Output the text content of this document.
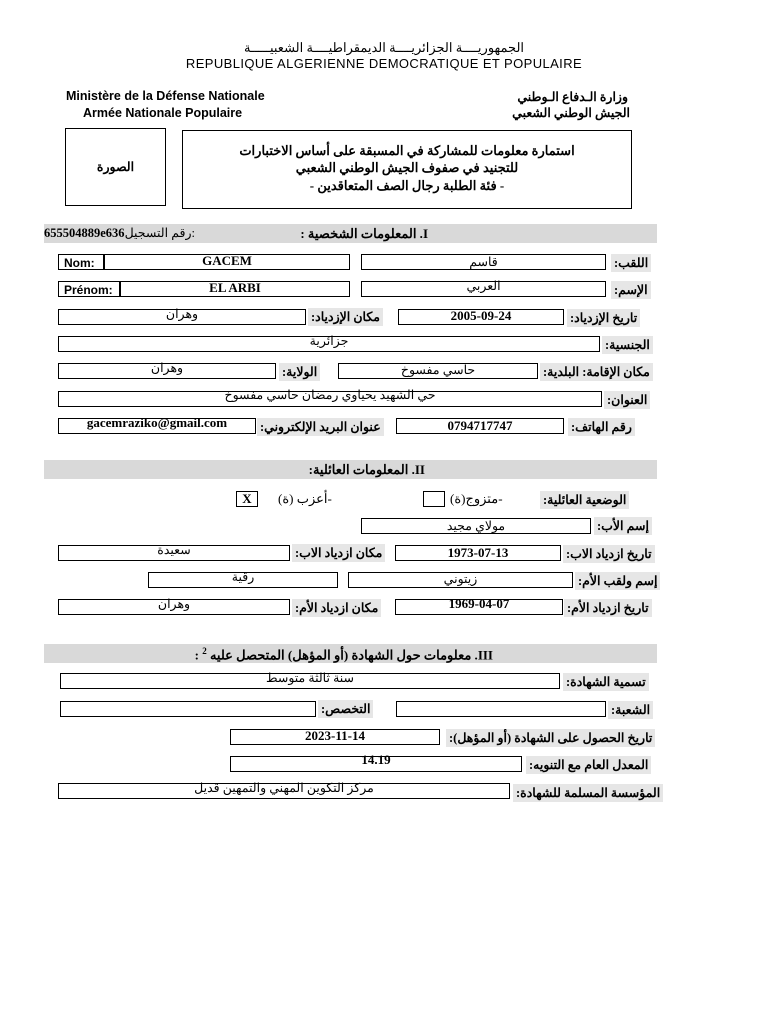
الجمهوريــــة الجزائريــــة الديمقراطيــــة الشعبيـــــة
REPUBLIQUE ALGERIENNE DEMOCRATIQUE ET POPULAIRE
Ministère de la Défense Nationale
Armée Nationale Populaire
وزارة الـدفاع الـوطني
الجيش الوطني الشعبي
الصورة
استمارة معلومات للمشاركة في المسبقة على أساس الاختبارات
للتجنيد في صفوف الجيش الوطني الشعبي
- فئة الطلبة رجال الصف المتعاقدين -
655504889e636رقم التسجيل:	I. المعلومات الشخصية :
Nom:	GACEM	قاسم	اللقب:
Prénom:	EL ARBI	العربي	الإسم:
وهران	مكان الإزدياد:	2005-09-24	تاريخ الإزدياد:
جزائرية	الجنسية:
وهران	الولاية:	حاسي مفسوخ	مكان الإقامة: البلدية:
حي الشهيد يحياوي رمضان حاسي مفسوخ	العنوان:
gacemraziko@gmail.com	عنوان البريد الإلكتروني:	0794717747	رقم الهاتف:
II. المعلومات العائلية:
X	-أعزب (ة)	-متزوج(ة)	الوضعية العائلية:
مولاي مجيد	إسم الأب:
سعيدة	مكان ازدياد الاب:	1973-07-13	تاريخ ازدياد الاب:
رقية	زيتوني	إسم ولقب الأم:
وهران	مكان ازدياد الأم:	1969-04-07	تاريخ ازدياد الأم:
III. معلومات حول الشهادة (أو المؤهل) المتحصل عليه $^2$ :
سنة ثالثة متوسط	تسمية الشهادة:
التخصص:	الشعبة:
2023-11-14	تاريخ الحصول على الشهادة (أو المؤهل):
14.19	المعدل العام مع التنويه:
مركز التكوين المهني والتمهين قديل	المؤسسة المسلمة للشهادة:
